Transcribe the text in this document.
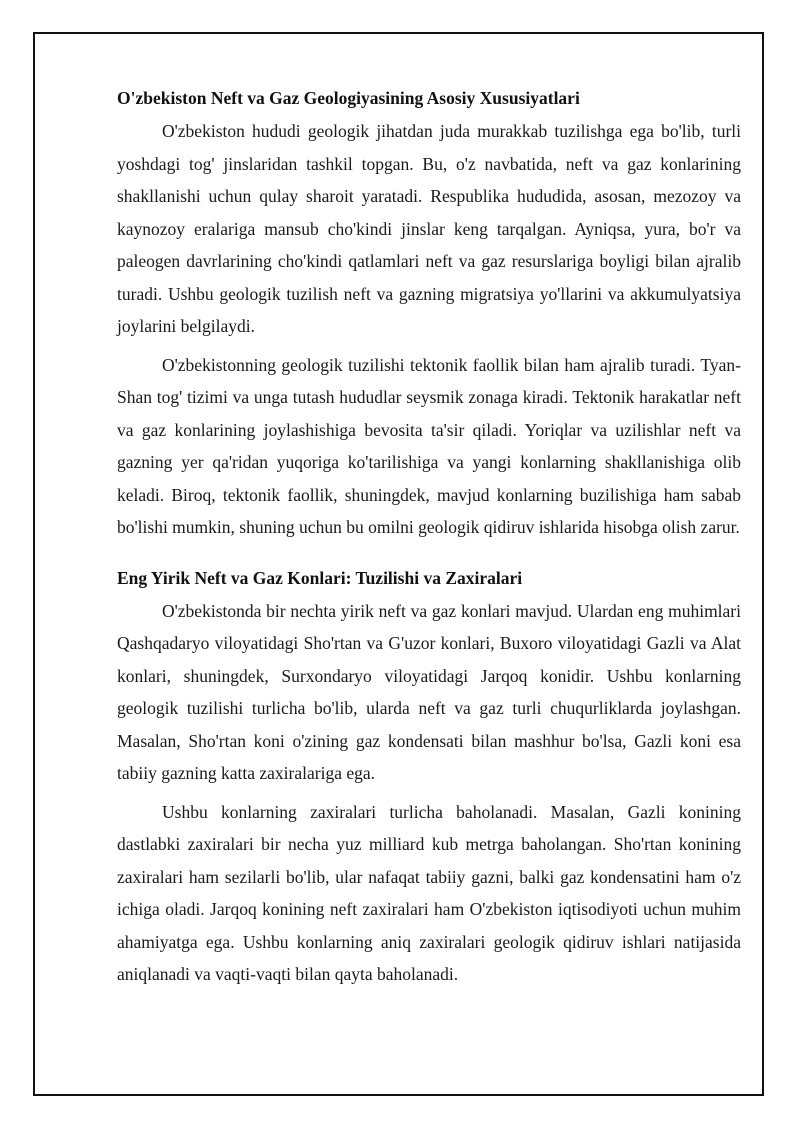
O'zbekiston Neft va Gaz Geologiyasining Asosiy Xususiyatlari

O'zbekiston hududi geologik jihatdan juda murakkab tuzilishga ega bo'lib, turli yoshdagi tog' jinslaridan tashkil topgan. Bu, o'z navbatida, neft va gaz konlarining shakllanishi uchun qulay sharoit yaratadi. Respublika hududida, asosan, mezozoy va kaynozoy eralariga mansub cho'kindi jinslar keng tarqalgan. Ayniqsa, yura, bo'r va paleogen davrlarining cho'kindi qatlamlari neft va gaz resurslariga boyligi bilan ajralib turadi. Ushbu geologik tuzilish neft va gazning migratsiya yo'llarini va akkumulyatsiya joylarini belgilaydi.

O'zbekistonning geologik tuzilishi tektonik faollik bilan ham ajralib turadi. Tyan-Shan tog' tizimi va unga tutash hududlar seysmik zonaga kiradi. Tektonik harakatlar neft va gaz konlarining joylashishiga bevosita ta'sir qiladi. Yoriqlar va uzilishlar neft va gazning yer qa'ridan yuqoriga ko'tarilishiga va yangi konlarning shakllanishiga olib keladi. Biroq, tektonik faollik, shuningdek, mavjud konlarning buzilishiga ham sabab bo'lishi mumkin, shuning uchun bu omilni geologik qidiruv ishlarida hisobga olish zarur.

Eng Yirik Neft va Gaz Konlari: Tuzilishi va Zaxiralari

O'zbekistonda bir nechta yirik neft va gaz konlari mavjud. Ulardan eng muhimlari Qashqadaryo viloyatidagi Sho'rtan va G'uzor konlari, Buxoro viloyatidagi Gazli va Alat konlari, shuningdek, Surxondaryo viloyatidagi Jarqoq konidir. Ushbu konlarning geologik tuzilishi turlicha bo'lib, ularda neft va gaz turli chuqurliklarda joylashgan. Masalan, Sho'rtan koni o'zining gaz kondensati bilan mashhur bo'lsa, Gazli koni esa tabiiy gazning katta zaxiralariga ega.

Ushbu konlarning zaxiralari turlicha baholanadi. Masalan, Gazli konining dastlabki zaxiralari bir necha yuz milliard kub metrga baholangan. Sho'rtan konining zaxiralari ham sezilarli bo'lib, ular nafaqat tabiiy gazni, balki gaz kondensatini ham o'z ichiga oladi. Jarqoq konining neft zaxiralari ham O'zbekiston iqtisodiyoti uchun muhim ahamiyatga ega. Ushbu konlarning aniq zaxiralari geologik qidiruv ishlari natijasida aniqlanadi va vaqti-vaqti bilan qayta baholanadi.
